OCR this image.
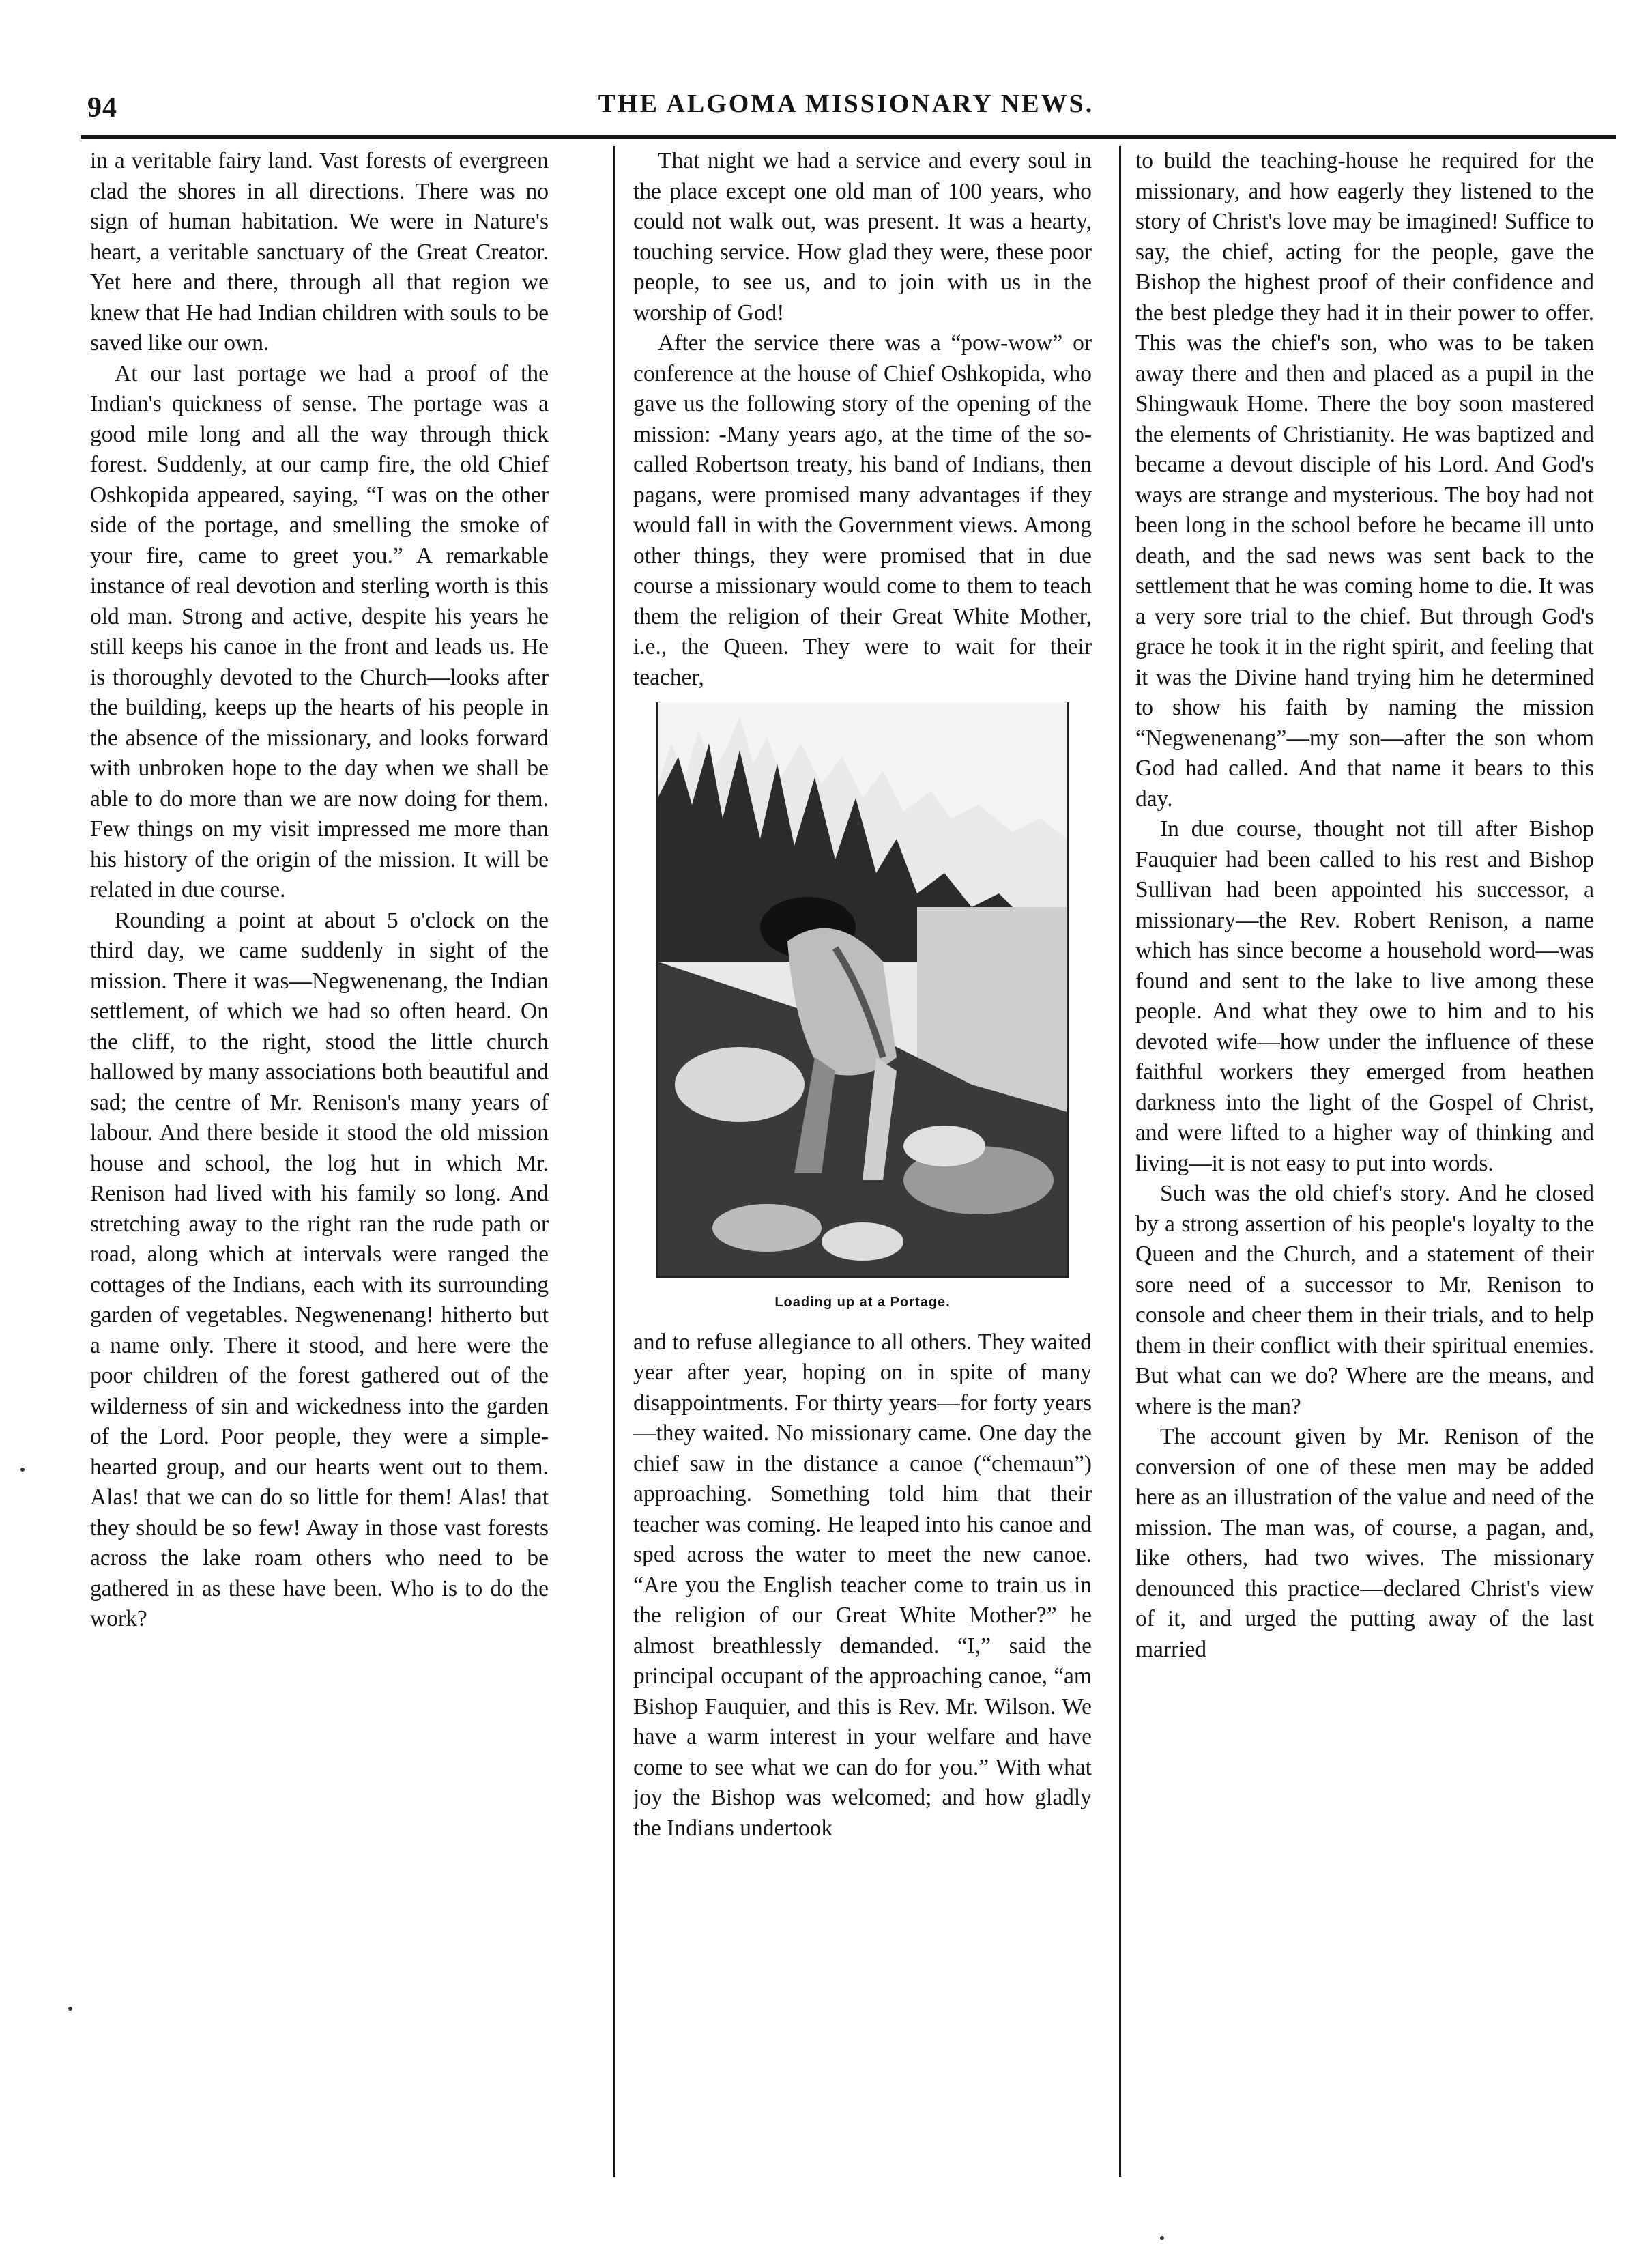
94	THE ALGOMA MISSIONARY NEWS.

in a veritable fairy land. Vast forests of evergreen clad the shores in all directions. There was no sign of human habitation. We were in Nature's heart, a veritable sanctuary of the Great Creator. Yet here and there, through all that region we knew that He had Indian children with souls to be saved like our own.

At our last portage we had a proof of the Indian's quickness of sense. The portage was a good mile long and all the way through thick forest. Suddenly, at our camp fire, the old Chief Oshkopida appeared, saying, “I was on the other side of the portage, and smelling the smoke of your fire, came to greet you.” A remarkable instance of real devotion and sterling worth is this old man. Strong and active, despite his years he still keeps his canoe in the front and leads us. He is thoroughly devoted to the Church—looks after the building, keeps up the hearts of his people in the absence of the missionary, and looks forward with unbroken hope to the day when we shall be able to do more than we are now doing for them. Few things on my visit impressed me more than his history of the origin of the mission. It will be related in due course.

Rounding a point at about 5 o'clock on the third day, we came suddenly in sight of the mission. There it was—Negwenenang, the Indian settlement, of which we had so often heard. On the cliff, to the right, stood the little church hallowed by many associations both beautiful and sad; the centre of Mr. Renison's many years of labour. And there beside it stood the old mission house and school, the log hut in which Mr. Renison had lived with his family so long. And stretching away to the right ran the rude path or road, along which at intervals were ranged the cottages of the Indians, each with its surrounding garden of vegetables. Negwenenang! hitherto but a name only. There it stood, and here were the poor children of the forest gathered out of the wilderness of sin and wickedness into the garden of the Lord. Poor people, they were a simple-hearted group, and our hearts went out to them. Alas! that we can do so little for them! Alas! that they should be so few! Away in those vast forests across the lake roam others who need to be gathered in as these have been. Who is to do the work?

That night we had a service and every soul in the place except one old man of 100 years, who could not walk out, was present. It was a hearty, touching service. How glad they were, these poor people, to see us, and to join with us in the worship of God!

After the service there was a “pow-wow” or conference at the house of Chief Oshkopida, who gave us the following story of the opening of the mission: -Many years ago, at the time of the so-called Robertson treaty, his band of Indians, then pagans, were promised many advantages if they would fall in with the Government views. Among other things, they were promised that in due course a missionary would come to them to teach them the religion of their Great White Mother, i.e., the Queen. They were to wait for their teacher,

Loading up at a Portage.

and to refuse allegiance to all others. They waited year after year, hoping on in spite of many disappointments. For thirty years—for forty years—they waited. No missionary came. One day the chief saw in the distance a canoe (“chemaun”) approaching. Something told him that their teacher was coming. He leaped into his canoe and sped across the water to meet the new canoe. “Are you the English teacher come to train us in the religion of our Great White Mother?” he almost breathlessly demanded. “I,” said the principal occupant of the approaching canoe, “am Bishop Fauquier, and this is Rev. Mr. Wilson. We have a warm interest in your welfare and have come to see what we can do for you.” With what joy the Bishop was welcomed; and how gladly the Indians undertook

to build the teaching-house he required for the missionary, and how eagerly they listened to the story of Christ's love may be imagined! Suffice to say, the chief, acting for the people, gave the Bishop the highest proof of their confidence and the best pledge they had it in their power to offer. This was the chief's son, who was to be taken away there and then and placed as a pupil in the Shingwauk Home. There the boy soon mastered the elements of Christianity. He was baptized and became a devout disciple of his Lord. And God's ways are strange and mysterious. The boy had not been long in the school before he became ill unto death, and the sad news was sent back to the settlement that he was coming home to die. It was a very sore trial to the chief. But through God's grace he took it in the right spirit, and feeling that it was the Divine hand trying him he determined to show his faith by naming the mission “Negwenenang”—my son—after the son whom God had called. And that name it bears to this day.

In due course, thought not till after Bishop Fauquier had been called to his rest and Bishop Sullivan had been appointed his successor, a missionary—the Rev. Robert Renison, a name which has since become a household word—was found and sent to the lake to live among these people. And what they owe to him and to his devoted wife—how under the influence of these faithful workers they emerged from heathen darkness into the light of the Gospel of Christ, and were lifted to a higher way of thinking and living—it is not easy to put into words.

Such was the old chief's story. And he closed by a strong assertion of his people's loyalty to the Queen and the Church, and a statement of their sore need of a successor to Mr. Renison to console and cheer them in their trials, and to help them in their conflict with their spiritual enemies. But what can we do? Where are the means, and where is the man?

The account given by Mr. Renison of the conversion of one of these men may be added here as an illustration of the value and need of the mission. The man was, of course, a pagan, and, like others, had two wives. The missionary denounced this practice—declared Christ's view of it, and urged the putting away of the last married
